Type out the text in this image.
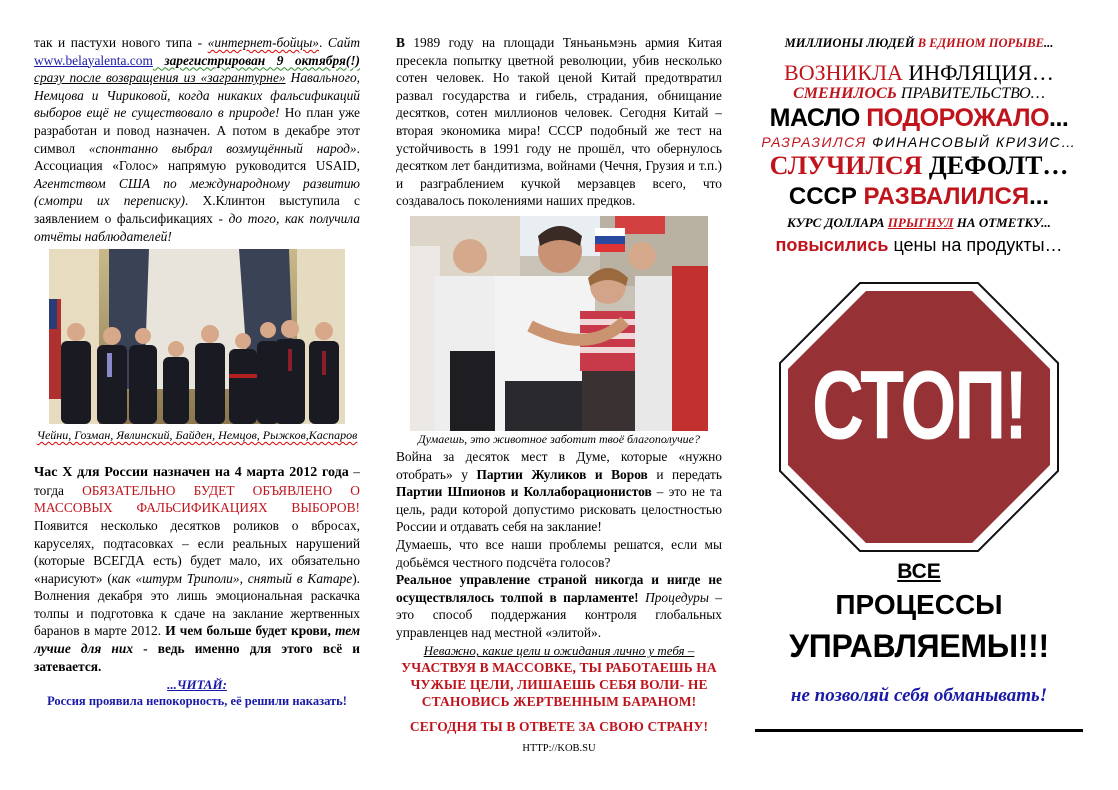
так и пастухи нового типа - «интернет-бойцы». Сайт www.belayalenta.com зарегистрирован 9 октября(!) сразу после возвращения из «загрантурне» Навального, Немцова и Чириковой, когда никаких фальсификаций выборов ещё не существовало в природе! Но план уже разработан и повод назначен. А потом в декабре этот символ «спонтанно выбрал возмущённый народ». Ассоциация «Голос» напрямую руководится USAID, Агентством США по международному развитию (смотри их переписку). Х.Клинтон выступила с заявлением о фальсификациях - до того, как получила отчёты наблюдателей!

Чейни, Гозман, Явлинский, Байден, Немцов, Рыжков,Каспаров

Час Х для России назначен на 4 марта 2012 года – тогда ОБЯЗАТЕЛЬНО БУДЕТ ОБЪЯВЛЕНО О МАССОВЫХ ФАЛЬСИФИКАЦИЯХ ВЫБОРОВ! Появится несколько десятков роликов о вбросах, каруселях, подтасовках – если реальных нарушений (которые ВСЕГДА есть) будет мало, их обязательно «нарисуют» (как «штурм Триполи», снятый в Катаре). Волнения декабря это лишь эмоциональная раскачка толпы и подготовка к сдаче на заклание жертвенных баранов в марте 2012. И чем больше будет крови, тем лучше для них - ведь именно для этого всё и затевается.

...ЧИТАЙ:

Россия проявила непокорность, её решили наказать!

В 1989 году на площади Тяньаньмэнь армия Китая пресекла попытку цветной революции, убив несколько сотен человек. Но такой ценой Китай предотвратил развал государства и гибель, страдания, обнищание десятков, сотен миллионов человек. Сегодня Китай – вторая экономика мира! СССР подобный же тест на устойчивость в 1991 году не прошёл, что обернулось десятком лет бандитизма, войнами (Чечня, Грузия и т.п.) и разграблением кучкой мерзавцев всего, что создавалось поколениями наших предков.

Думаешь, это животное заботит твоё благополучие?

Война за десяток мест в Думе, которые «нужно отобрать» у Партии Жуликов и Воров и передать Партии Шпионов и Коллаборационистов – это не та цель, ради которой допустимо рисковать целостностью России и отдавать себя на заклание!

Думаешь, что все наши проблемы решатся, если мы добьёмся честного подсчёта голосов?

Реальное управление страной никогда и нигде не осуществлялось толпой в парламенте! Процедуры – это способ поддержания контроля глобальных управленцев над местной «элитой».

Неважно, какие цели и ожидания лично у тебя –

УЧАСТВУЯ В МАССОВКЕ, ТЫ РАБОТАЕШЬ НА ЧУЖЫЕ ЦЕЛИ, ЛИШАЕШЬ СЕБЯ ВОЛИ- НЕ СТАНОВИСЬ ЖЕРТВЕННЫМ БАРАНОМ!

СЕГОДНЯ ТЫ В ОТВЕТЕ ЗА СВОЮ СТРАНУ!

HTTP://KOB.SU

МИЛЛИОНЫ ЛЮДЕЙ В ЕДИНОМ ПОРЫВЕ...
ВОЗНИКЛА ИНФЛЯЦИЯ…
СМЕНИЛОСЬ ПРАВИТЕЛЬСТВО…
МАСЛО ПОДОРОЖАЛО...
РАЗРАЗИЛСЯ ФИНАНСОВЫЙ КРИЗИС…
СЛУЧИЛСЯ ДЕФОЛТ…
СССР РАЗВАЛИЛСЯ...
КУРС ДОЛЛАРА ПРЫГНУЛ НА ОТМЕТКУ...
повысились цены на продукты…
СТОП!
ВСЕ
ПРОЦЕССЫ
УПРАВЛЯЕМЫ!!!
не позволяй себя обманывать!
